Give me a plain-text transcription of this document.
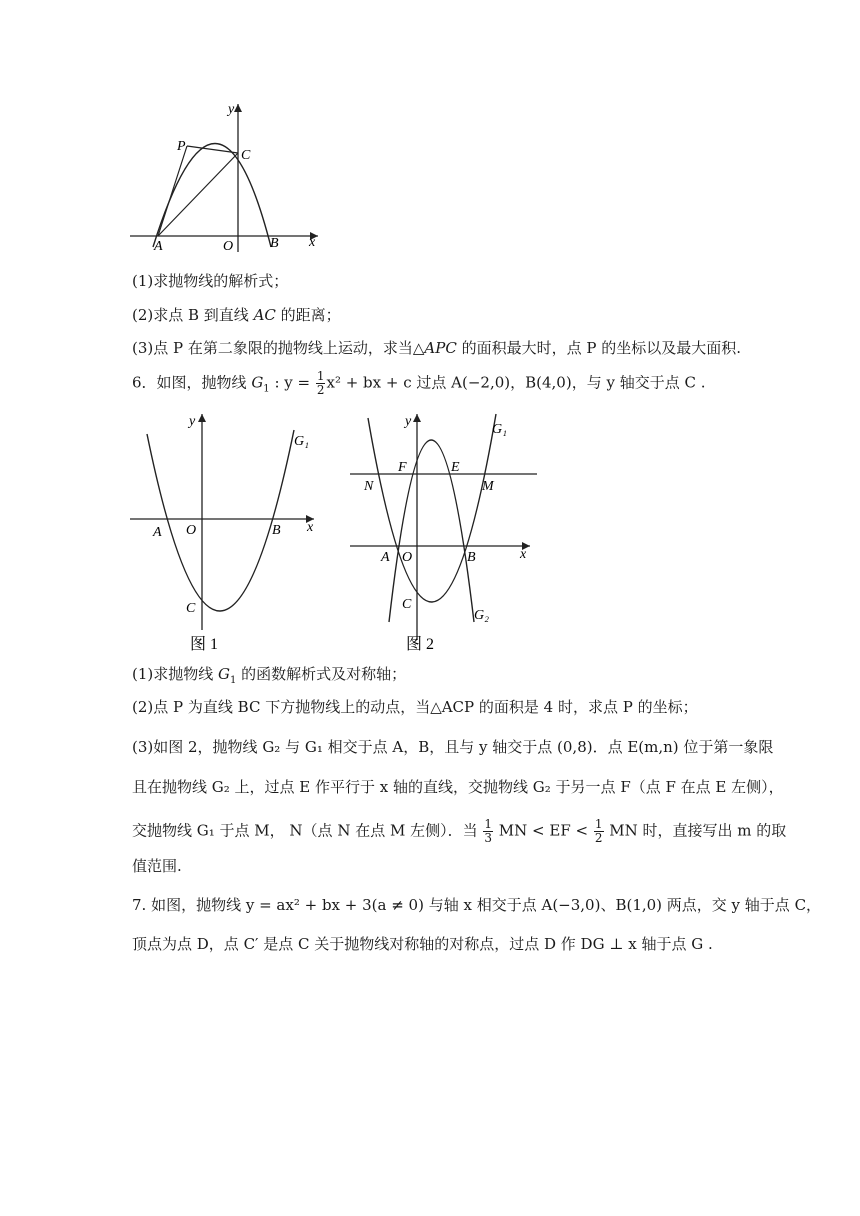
y
x
P
C
A	O	B
(1)求抛物线的解析式；
(2)求点 B 到直线 AC 的距离；
(3)点 P 在第二象限的抛物线上运动，求当△APC 的面积最大时，点 P 的坐标以及最大面积.
6．如图，抛物线 $G_1$ : $y = \frac{1}{2} x^2$ + bx + c 过点 A(−2,0)，B(4,0)，与 y 轴交于点 C .
y
x
G₁
A O	B
C
图 1
y
x
G₁
G₂
F	E
N	M
A O	B
C
图 2
(1)求抛物线 $G_1$ 的函数解析式及对称轴；
(2)点 P 为直线 BC 下方抛物线上的动点，当△ACP 的面积是 4 时，求点 P 的坐标；
(3)如图 2，抛物线 G₂ 与 G₁ 相交于点 A，B，且与 y 轴交于点 (0,8)．点 E(m,n) 位于第一象限
且在抛物线 G₂ 上，过点 E 作平行于 x 轴的直线，交抛物线 G₂ 于另一点 F（点 F 在点 E 左侧），
交抛物线 G₁ 于点 M， N（点 N 在点 M 左侧）．当 $\frac{1}{3}$ MN < EF < $\frac{1}{2}$ MN 时，直接写出 m 的取
值范围.
7. 如图，抛物线 y = ax² + bx + 3(a ≠ 0) 与轴 x 相交于点 A(−3,0)、B(1,0) 两点，交 y 轴于点 C，
顶点为点 D，点 C′ 是点 C 关于抛物线对称轴的对称点，过点 D 作 DG ⊥ x 轴于点 G .
